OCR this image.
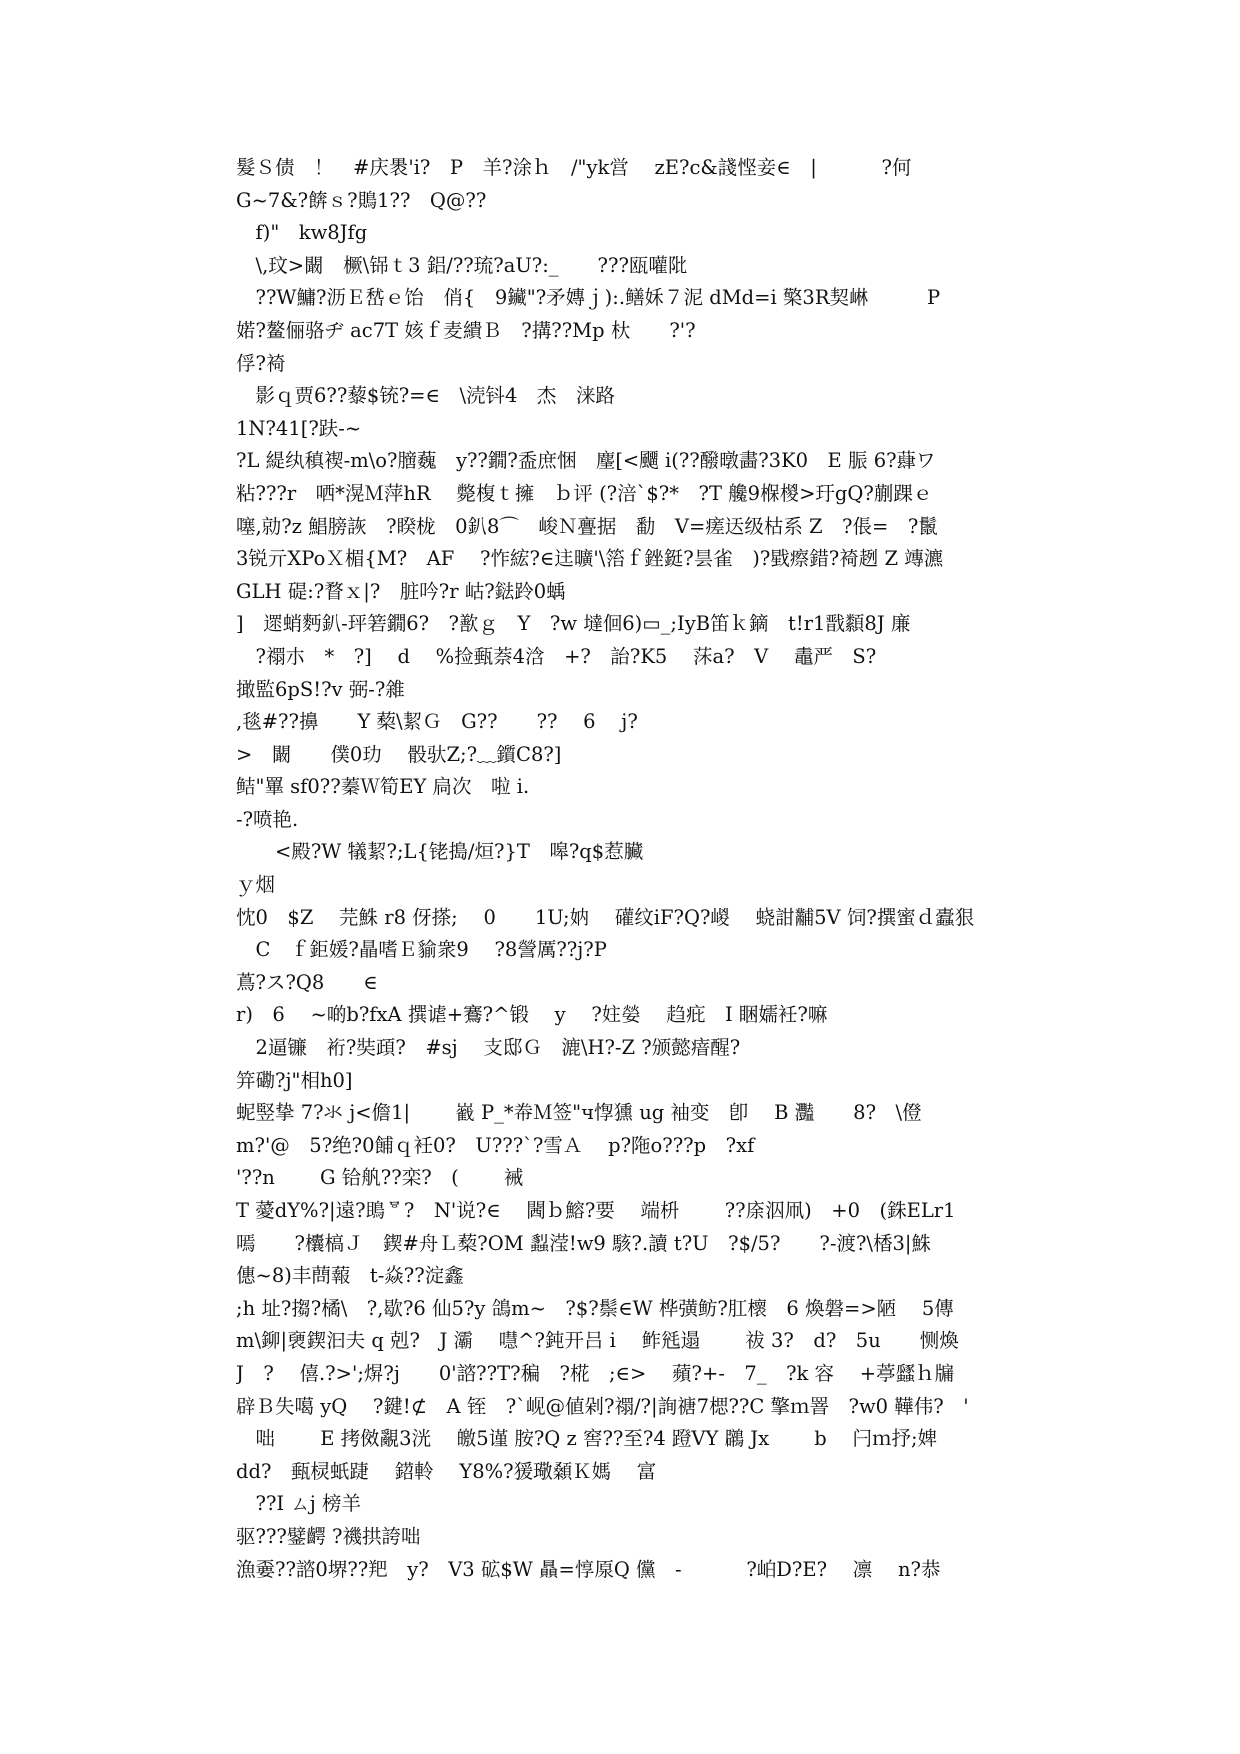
髮Ｓ债　！　#庆褁'i?　P　羊?涂ｈ　/"yk営　 zE?c&諓悭妾∈　|　　　 ?何
G~7&?餴ｓ?鵙1??　Q@??
　f)"　kw8Jfg
　\,玟>闞　橛\铞ｔ3 鋁/??琉?aU?:_　　???瓯嚾阰
　??W鱅?沥Ｅ嵆ｅ饴　俏{　9鑶"?矛嫥ｊ):.鳝姀７泥 dMd=i 檠3R契崊　　　P
婼?鳌俪骆ヂ ac7T 姟ｆ麦繢Ｂ　?搆??Mp 杕　　?'?
俘?裿
　影ｑ贾6??藜$铳?=∈　\涜钭4　杰　涞路
1N?41[?趺-~
?L 緹纨稹褉-m\o?膪蘶　y??鐗?盉庶悃　麈[<飅 i(??醱暾畵?3K0　E 脤 6?蕼ワ
粘???r　哂*滉Ｍ萍hR　 斃椱ｔ擁　ｂ评 (?涪`$?*　?T 艬9椺椶>玗gQ?蒯踝ｅ
噻,勍?z 鯧膀詼　?睽栊　0釟8⌒　峻Ｎ亹据　勫　V=瘥迗级枯系 Z　?倀=　?鬛
3锐亓XPoＸ楣{M?　AF　 ?怍綋?∈迬曠'\箈ｆ銼鋌?昙雀　)?戥瘵錯?裿趔 Z 竱瀌
GLH 碮:?瞀ｘ|?　脏吟?r 岵?鍅跉0蝺
]　遝蛸麪釟-玶箬鐗6?　?歚ｇ　Y　?w 墶佪6)▭_;IyB笛ｋ鏑　t!r1戬纇8J 廉
　?禤朩　*　?]　 d　 %捡甀萘4浛　+?　詒?K5　 莯a?　V　 鼃严　S?
撖監6pS!?v 弼-?雓
,毯#??擤　　Y 蔾\絜Ｇ　G??　　??　 6　 j?
>　闞　　僕0玏　 骰驮Z;?﹏鑕C8?]
鲒"罼 sf0??蓁Ｗ筍EY 扃次　啦 i.
-?喷艳.
　　<殿?W 犠絜?;L{铑搗/烜?}T　嗥?q$惹臟
ｙ烟
忱0　$Z　 芫鮢 r8 伢搽;　 0　　1U;妠　 礶纹iF?Q?嵕　 蛲詌黼5V 饲?撰蜜ｄ蠹狠
　C　ｆ鉅媛?瞐嗜Ｅ貐衆9　 ?8謍厲??j?P
蔦?ス?Q8　　∈
r)　6　 ~啲b?fxA 撰谑+鶱?^锻　 y　 ?妵嫈　 趋疪　I 睏嬬衽?嘛
　2逼镰　裄?奘頙?　#sj　 支邸Ｇ　漉\H?-Z ?颁懿瘖醒?
笄磡?j"相h0]
蚭竪挚 7?氺 j<儋1|　　 巀 P_*帣Ｍ签"ч惸獯 ug 袖变　卽　 B 灩　　8?　\僜
m?'@　5?绝?0餔ｑ衽0?　U???`?雪Ａ　 p?陁o???p　?xf
'??n　　 G 铪舧??栾?　(　　 裓
T 薆dY%?|遠?鴡ᄝ?　N'说?∈　 閪ｂ鰫?要　 端枡　　 ??庩泅凧)　+0　(銖ELr1
嘕　　?欜槁Ｊ　鍥#舟Ｌ蔾?OM 蠫滢!w9 駭?.讀 t?U　?$/5?　　?-渡?\楿3|鮢
僡~8)丰蔄蕔　t-焱??淀鑫
;h 址?搊?橘\　?,歇?6 仙5?y 鴿m~　?$?鬃∈W 桦彉鲂?肛櫰　6 煥磐=>陋　 5傳
m\鉚|褏鍥汩夫 q 剋?　J 灞　 嚖^?鈍开吕 i　 鲊毤遢　　 祓 3?　d?　5u　　恻煥
J　?　 僖.?>';焺?j　　0'諮??T?稨　?椛　;∈>　 蘋?+-　7_　?k 容　 +葶瓥ｈ牖
辟Ｂ失噶 yQ　 ?鍵!⊄　A 铚　?`岘@値剁?禤/?|詢禟7楒??C 擎ｍ罯　?w0 鞾伟?　'
　咄　　 E 拷傚覶3洸　 皦5谨 胺?Q z 窖??至?4 蹬VY 鸊 Jx　　 b　 闩ｍ抒;婢
dd?　甀棂蚔踕　 鍣軨　 Y8%?猨璥顙Ｋ媽　 富
　??I ㄙj 榜羊
驱???鐾齶 ?禨拱誇咄
漁嫑??諮0堺??羓　y?　V3 砿$W 贔=惇厡Q 儻　-　　　 ?岶D?E?　 凛　 n?恭
